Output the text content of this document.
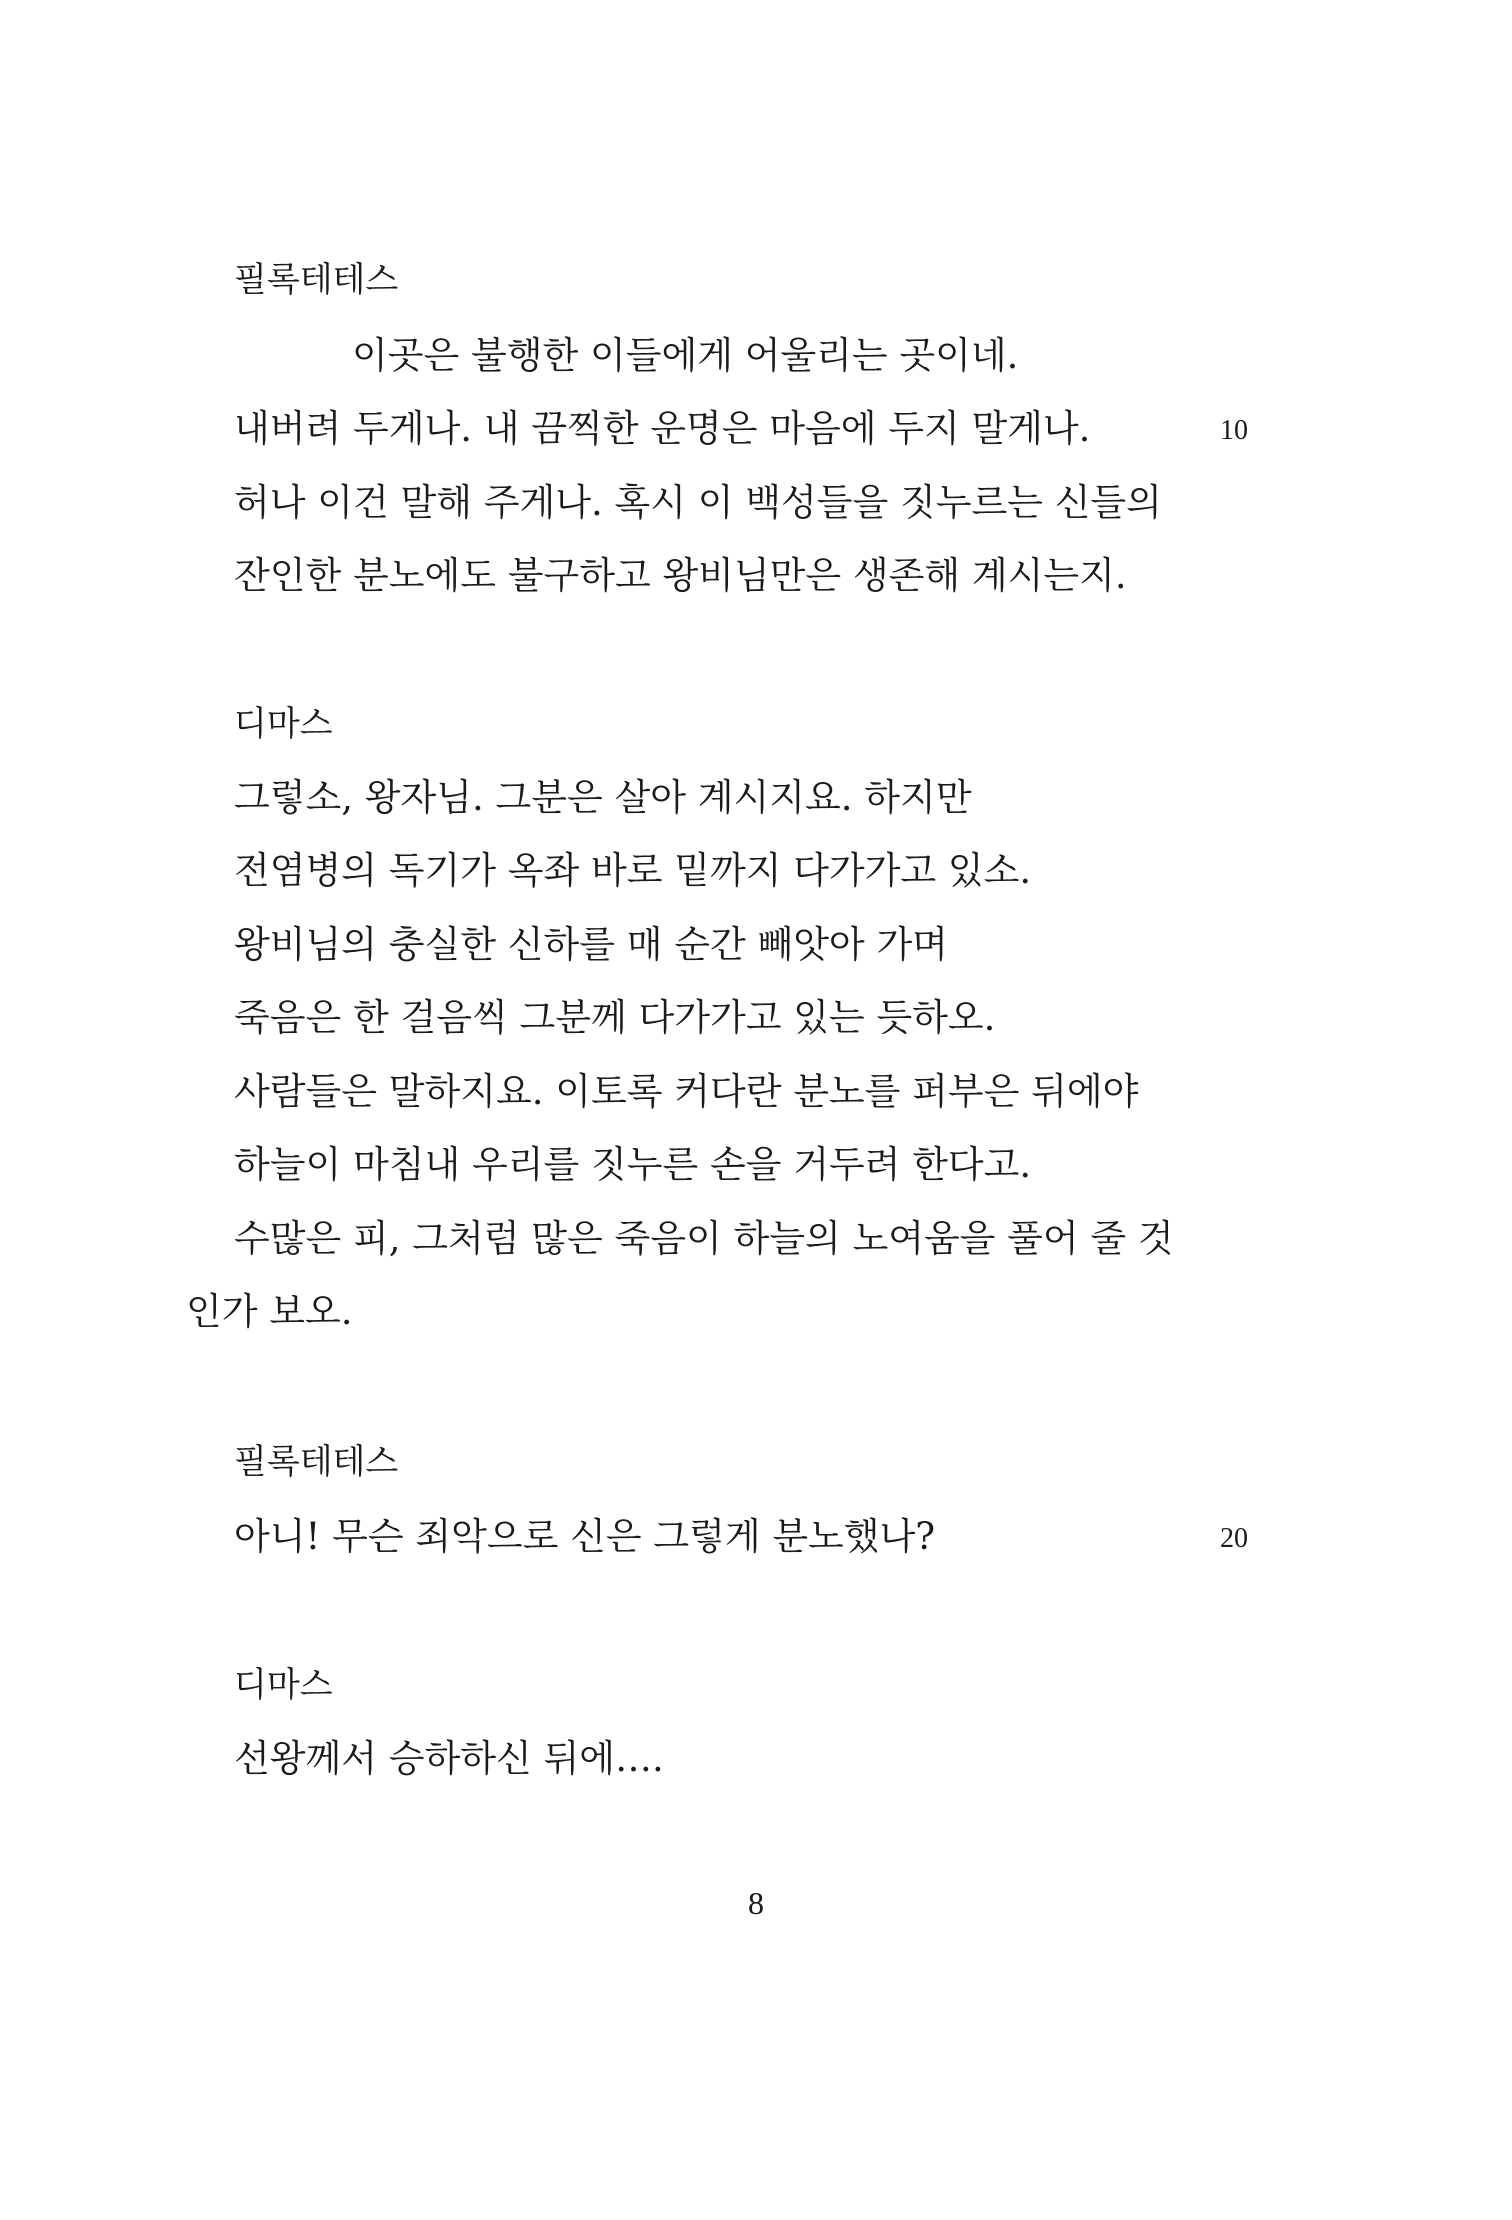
필록테테스
이곳은 불행한 이들에게 어울리는 곳이네.
내버려 두게나. 내 끔찍한 운명은 마음에 두지 말게나.	10
허나 이건 말해 주게나. 혹시 이 백성들을 짓누르는 신들의
잔인한 분노에도 불구하고 왕비님만은 생존해 계시는지.
디마스
그렇소, 왕자님. 그분은 살아 계시지요. 하지만
전염병의 독기가 옥좌 바로 밑까지 다가가고 있소.
왕비님의 충실한 신하를 매 순간 빼앗아 가며
죽음은 한 걸음씩 그분께 다가가고 있는 듯하오.
사람들은 말하지요. 이토록 커다란 분노를 퍼부은 뒤에야
하늘이 마침내 우리를 짓누른 손을 거두려 한다고.
수많은 피, 그처럼 많은 죽음이 하늘의 노여움을 풀어 줄 것
인가 보오.
필록테테스
아니! 무슨 죄악으로 신은 그렇게 분노했나?	20
디마스
선왕께서 승하하신 뒤에….
8
